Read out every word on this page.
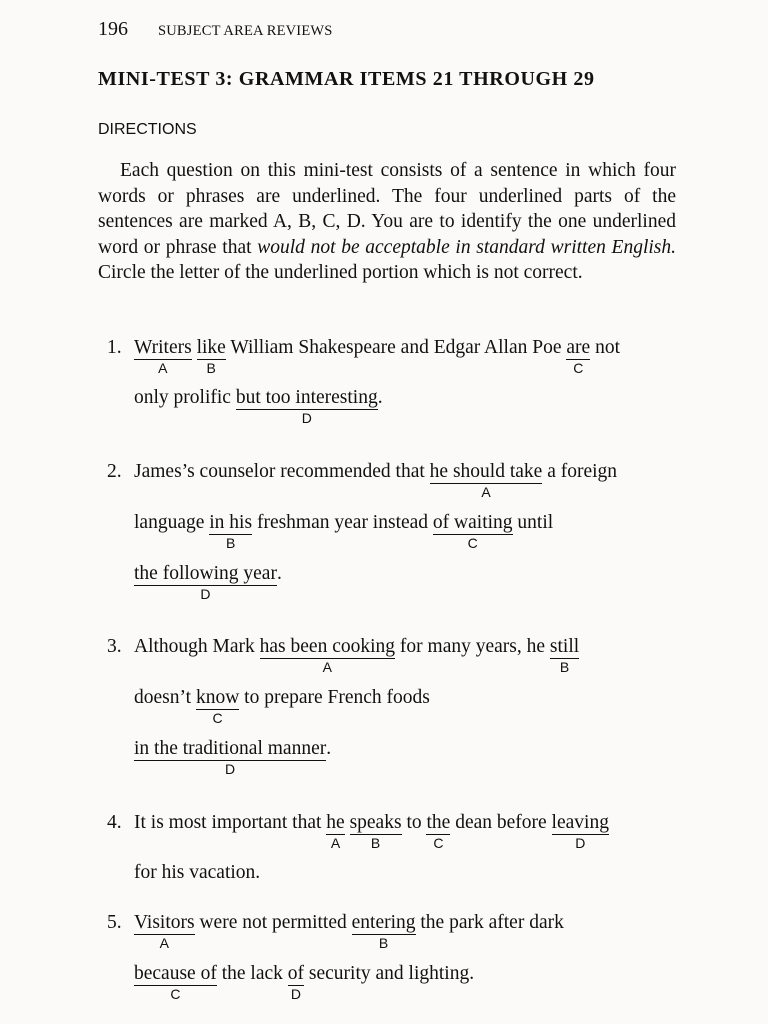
196	SUBJECT AREA REVIEWS
MINI-TEST 3: GRAMMAR ITEMS 21 THROUGH 29
DIRECTIONS
Each question on this mini-test consists of a sentence in which four words or phrases are underlined. The four underlined parts of the sentences are marked A, B, C, D. You are to identify the one underlined word or phrase that would not be acceptable in standard written English. Circle the letter of the underlined portion which is not correct.
1. Writers
A
like
B
William Shakespeare and Edgar Allan Poe are
C
not
only prolific but too interesting
D
.
2. James’s counselor recommended that he should take
A
a foreign
language in his
B
freshman year instead of waiting
C
until
the following year
D
.
3. Although Mark has been cooking
A
for many years, he still
B
doesn’t know
C
to prepare French foods
in the traditional manner
D
.
4. It is most important that he
A
speaks
B
to the
C
dean before leaving
D
for his vacation.
5. Visitors
A
were not permitted entering
B
the park after dark
because of
C
the lack of
D
security and lighting.
